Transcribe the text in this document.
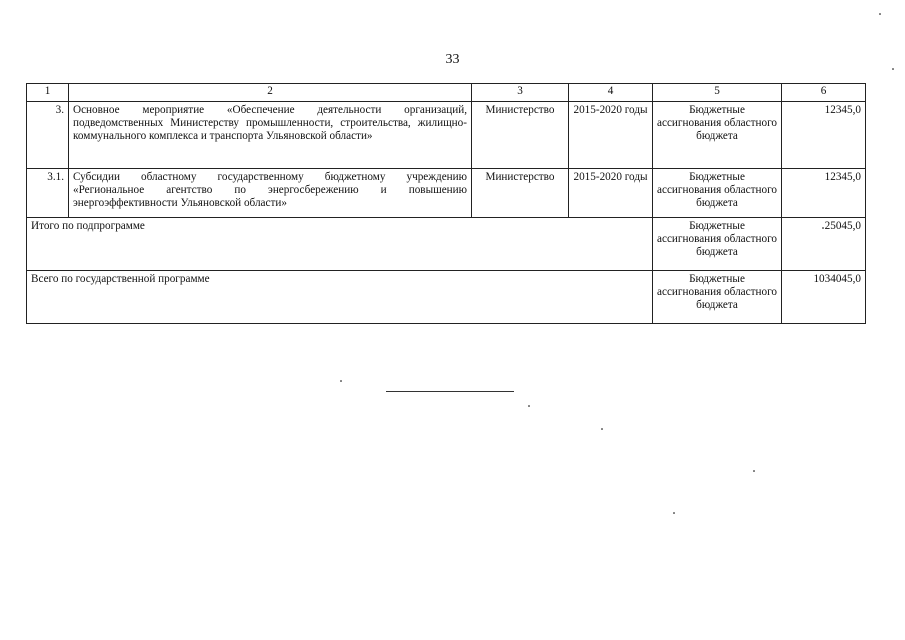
33
1	2	3	4	5	6
3.	Основное мероприятие «Обеспечение деятельности организаций, подведомственных Министерству промышленности, строительства, жилищно-коммунального комплекса и транспорта Ульяновской области»	Министерство	2015-2020 годы	Бюджетные ассигнования областного бюджета	12345,0
3.1.	Субсидии областному государственному бюджетному учреждению «Региональное агентство по энергосбережению и повышению энергоэффективности Ульяновской области»	Министерство	2015-2020 годы	Бюджетные ассигнования областного бюджета	12345,0
Итого по подпрограмме				Бюджетные ассигнования областного бюджета	25045,0
Всего по государственной программе				Бюджетные ассигнования областного бюджета	1034045,0
